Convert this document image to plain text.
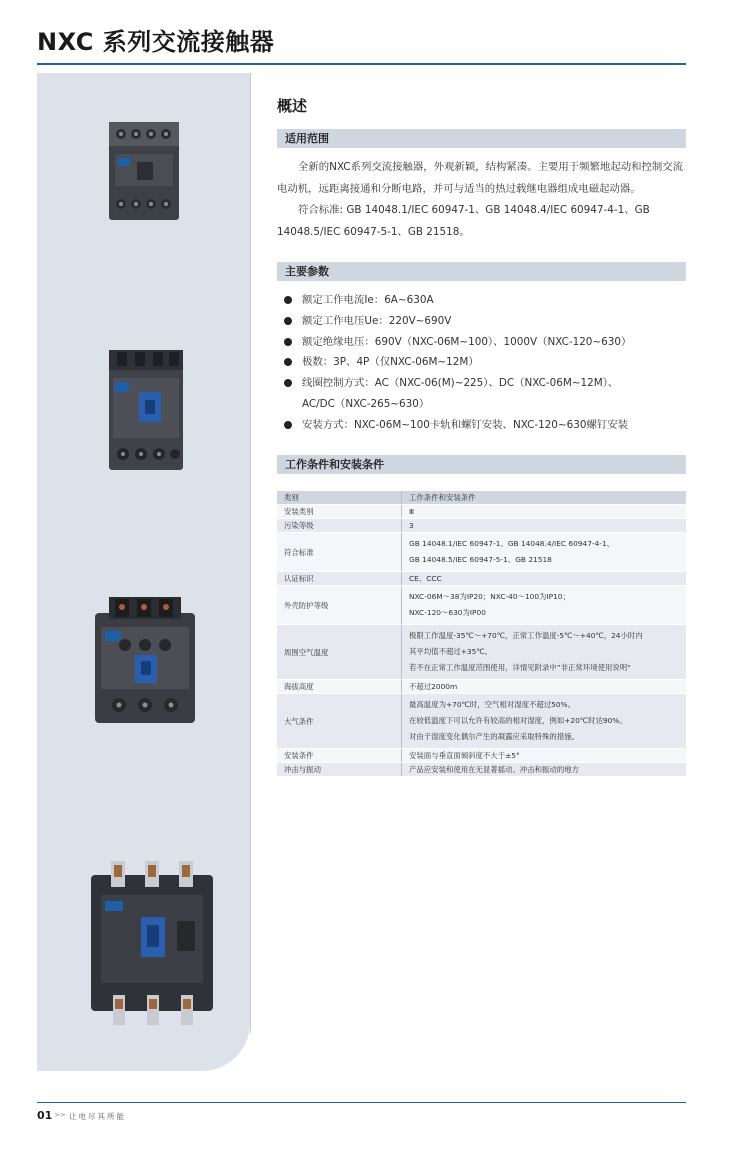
NXC 系列交流接触器
概述
适用范围

全新的NXC系列交流接触器，外观新颖，结构紧凑。主要用于频繁地起动和控制交流电动机，远距离接通和分断电路，并可与适当的热过载继电器组成电磁起动器。

符合标准: GB 14048.1/IEC 60947-1、GB 14048.4/IEC 60947-4-1、GB 14048.5/IEC 60947-5-1、GB 21518。

主要参数
额定工作电流Ie：6A~630A
额定工作电压Ue：220V~690V
额定绝缘电压：690V（NXC-06M~100）、1000V（NXC-120~630）
极数：3P、4P（仅NXC-06M~12M）
线圈控制方式：AC（NXC-06(M)~225）、DC（NXC-06M~12M）、
AC/DC（NXC-265~630）
安装方式：NXC-06M~100卡轨和螺钉安装、NXC-120~630螺钉安装
工作条件和安装条件
类别	工作条件和安装条件
安装类别	Ⅲ

污染等级	3

符合标准	GB 14048.1/IEC 60947-1、GB 14048.4/IEC 60947-4-1、
GB 14048.5/IEC 60947-5-1、GB 21518

认证标识	CE、CCC

外壳防护等级	NXC-06M～38为IP20；NXC-40～100为IP10；
NXC-120～630为IP00

周围空气温度	极限工作温度-35℃～+70℃，正常工作温度-5℃～+40℃，24小时内
其平均值不超过+35℃。
若不在正常工作温度范围使用，详情见附录中”非正常环境使用说明“

海拔高度	不超过2000m

大气条件	最高温度为+70℃时，空气相对湿度不超过50%。
在较低温度下可以允许有较高的相对湿度，例如+20℃时达90%。
对由于湿度变化偶尔产生的凝露应采取特殊的措施。

安装条件	安装面与垂直面倾斜度不大于±5°

冲击与振动	产品应安装和使用在无显著摇动、冲击和振动的地方
01 >> 让电尽其所能
